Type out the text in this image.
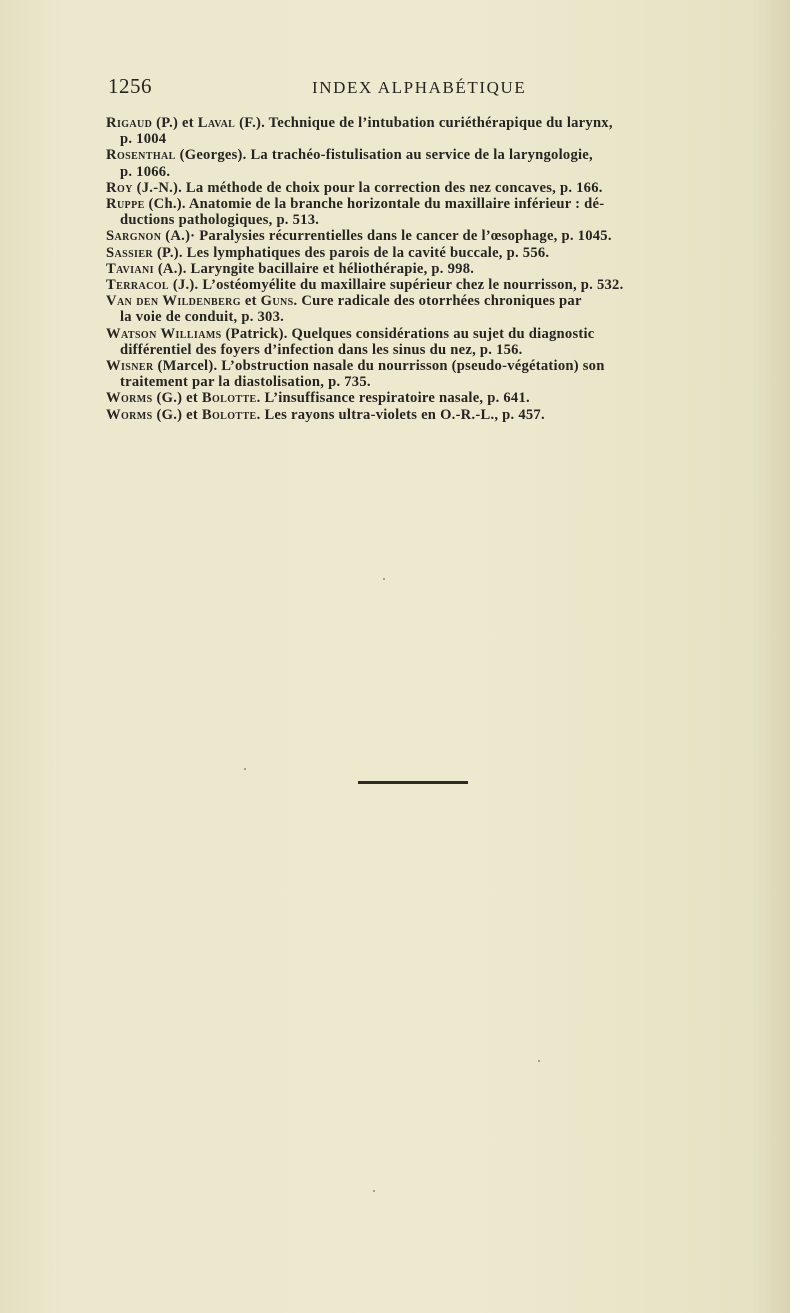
1256	INDEX ALPHABÉTIQUE
Rigaud (P.) et Laval (F.). Technique de l’intubation curiéthérapique du larynx,
p. 1004
Rosenthal (Georges). La trachéo-fistulisation au service de la laryngologie,
p. 1066.
Roy (J.-N.). La méthode de choix pour la correction des nez concaves, p. 166.
Ruppe (Ch.). Anatomie de la branche horizontale du maxillaire inférieur : dé-
ductions pathologiques, p. 513.
Sargnon (A.)· Paralysies récurrentielles dans le cancer de l’œsophage, p. 1045.
Sassier (P.). Les lymphatiques des parois de la cavité buccale, p. 556.
Taviani (A.). Laryngite bacillaire et héliothérapie, p. 998.
Terracol (J.). L’ostéomyélite du maxillaire supérieur chez le nourrisson, p. 532.
Van den Wildenberg et Guns. Cure radicale des otorrhées chroniques par
la voie de conduit, p. 303.
Watson Williams (Patrick). Quelques considérations au sujet du diagnostic
différentiel des foyers d’infection dans les sinus du nez, p. 156.
Wisner (Marcel). L’obstruction nasale du nourrisson (pseudo-végétation) son
traitement par la diastolisation, p. 735.
Worms (G.) et Bolotte. L’insuffisance respiratoire nasale, p. 641.
Worms (G.) et Bolotte. Les rayons ultra-violets en O.-R.-L., p. 457.
